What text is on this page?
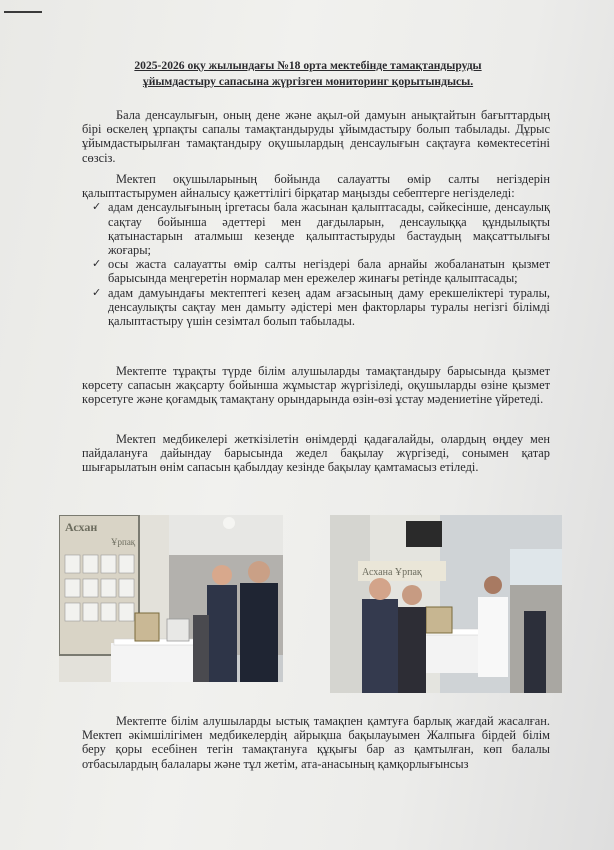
2025-2026 оқу жылындағы №18 орта мектебінде тамақтандыруды
ұйымдастыру сапасына жүргізген мониторинг қорытындысы.

Бала денсаулығын, оның дене және ақыл-ой дамуын анықтайтын бағыттардың бірі өскелең ұрпақты сапалы тамақтандыруды ұйымдастыру болып табылады. Дұрыс ұйымдастырылған тамақтандыру оқушылардың денсаулығын сақтауға көмектесетіні сөзсіз.

Мектеп оқушыларының бойында салауатты өмір салты негіздерін қалыптастырумен айналысу қажеттілігі бірқатар маңызды себептерге негізделеді:

✓ адам денсаулығының іргетасы бала жасынан қалыптасады, сәйкесінше, денсаулық сақтау бойынша әдеттері мен дағдыларын, денсаулыққа құндылықты қатынастарын аталмыш кезеңде қалыптастыруды бастаудың мақсаттылығы жоғары;
✓ осы жаста салауатты өмір салты негіздері бала арнайы жобаланатын қызмет барысында меңгеретін нормалар мен ережелер жинағы ретінде қалыптасады;
✓ адам дамуындағы мектептегі кезең адам ағзасының даму ерекшеліктері туралы, денсаулықты сақтау мен дамыту әдістері мен факторлары туралы негізгі білімді қалыптастыру үшін сезімтал болып табылады.

Мектепте тұрақты түрде білім алушыларды тамақтандыру барысында қызмет көрсету сапасын жақсарту бойынша жұмыстар жүргізіледі, оқушыларды өзіне қызмет көрсетуге және қоғамдық тамақтану орындарында өзін-өзі ұстау мәдениетіне үйретеді.

Мектеп медбикелері жеткізілетін өнімдерді қадағалайды, олардың өңдеу мен пайдалануға дайындау барысында жедел бақылау жүргізеді, сонымен қатар шығарылатын өнім сапасын қабылдау кезінде бақылау қамтамасыз етіледі.

Асхан
Ұрпақ
Асхана Ұрпақ

Мектепте білім алушыларды ыстық тамақпен қамтуға барлық жағдай жасалған. Мектеп әкімшілігімен медбикелердің айрықша бақылауымен Жалпыға бірдей білім беру қоры есебінен тегін тамақтануға құқығы бар аз қамтылған, көп балалы отбасылардың балалары және тұл жетім, ата-анасының қамқорлығынсыз
